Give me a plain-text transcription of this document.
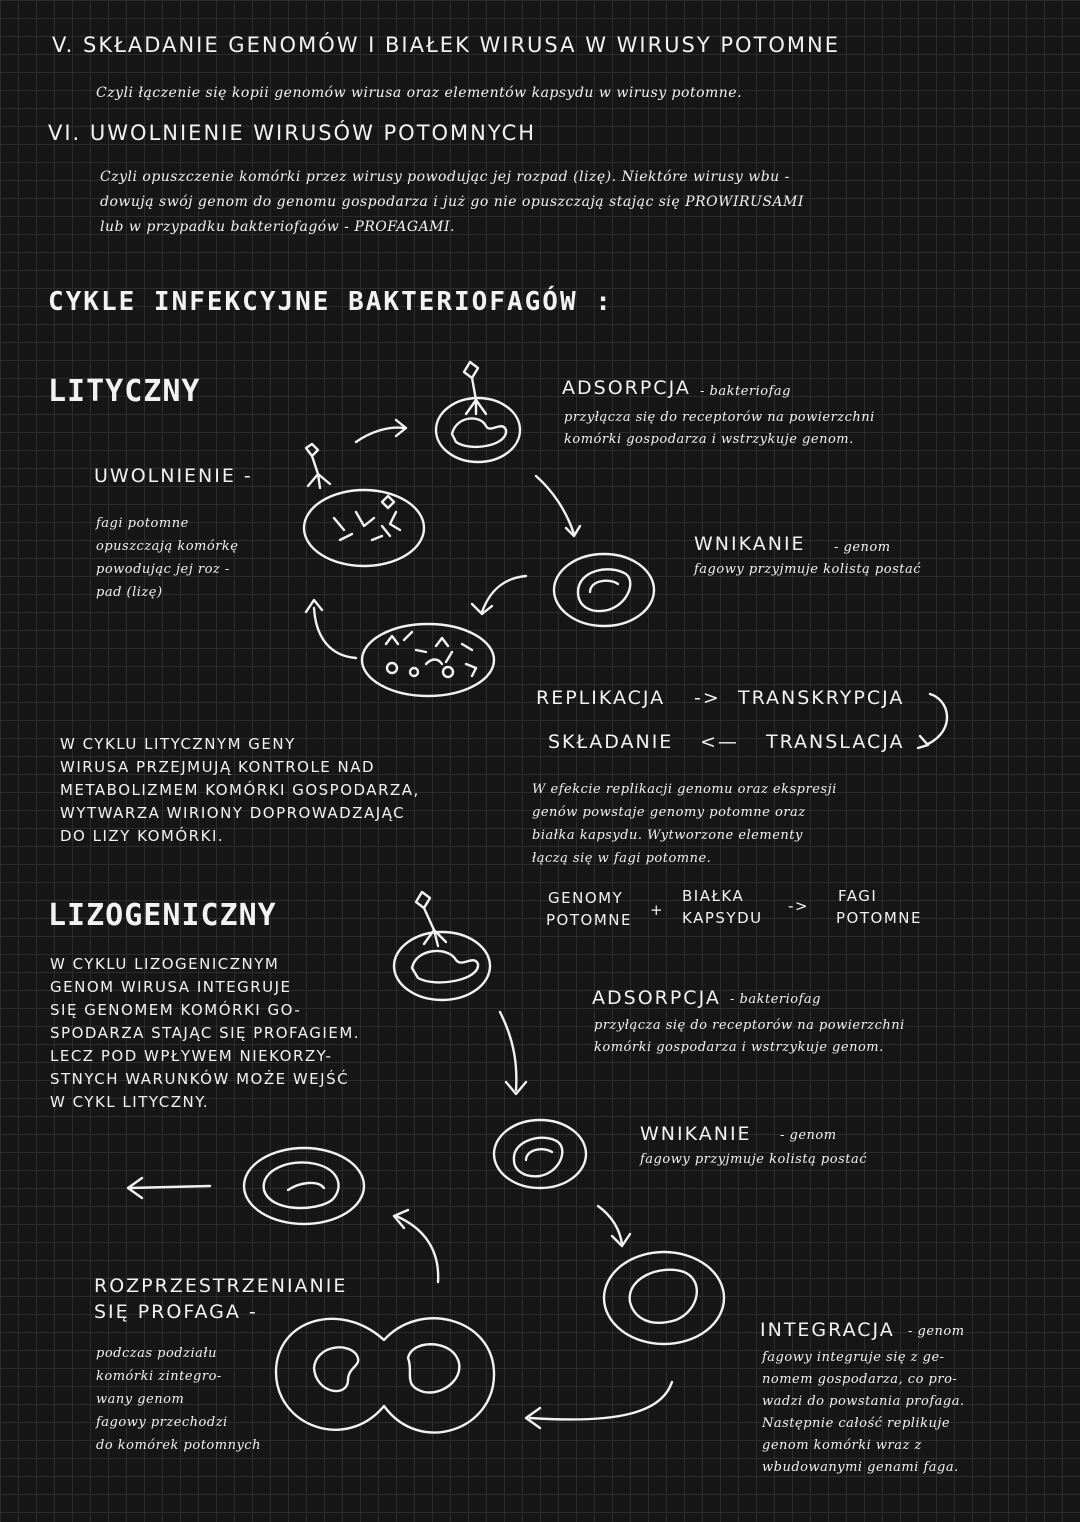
V. SKŁADANIE GENOMÓW I BIAŁEK WIRUSA W WIRUSY POTOMNE
Czyli łączenie się kopii genomów wirusa oraz elementów kapsydu w wirusy potomne.
VI. UWOLNIENIE WIRUSÓW POTOMNYCH
Czyli opuszczenie komórki przez wirusy powodując jej rozpad (lizę). Niektóre wirusy wbu -
dowują swój genom do genomu gospodarza i już go nie opuszczają stając się PROWIRUSAMI
lub w przypadku bakteriofagów - PROFAGAMI.
CYKLE INFEKCYJNE BAKTERIOFAGÓW :
LITYCZNY	ADSORPCJA - bakteriofag
przyłącza się do receptorów na powierzchni
komórki gospodarza i wstrzykuje genom.
UWOLNIENIE -
fagi potomne
opuszczają komórkę
powodując jej roz -
pad (lizę)
WNIKANIE - genom
fagowy przyjmuje kolistą postać
REPLIKACJA -> TRANSKRYPCJA
SKŁADANIE <— TRANSLACJA
W CYKLU LITYCZNYM GENY
WIRUSA PRZEJMUJĄ KONTROLE NAD
METABOLIZMEM KOMÓRKI GOSPODARZA,
WYTWARZA WIRIONY DOPROWADZAJĄC
DO LIZY KOMÓRKI.
W efekcie replikacji genomu oraz ekspresji
genów powstaje genomy potomne oraz
białka kapsydu. Wytworzone elementy
łączą się w fagi potomne.
GENOMY
POTOMNE
+
BIAŁKA
KAPSYDU
->
FAGI
POTOMNE
LIZOGENICZNY
W CYKLU LIZOGENICZNYM
GENOM WIRUSA INTEGRUJE
SIĘ GENOMEM KOMÓRKI GO-
SPODARZA STAJĄC SIĘ PROFAGIEM.
LECZ POD WPŁYWEM NIEKORZY-
STNYCH WARUNKÓW MOŻE WEJŚĆ
W CYKL LITYCZNY.
ADSORPCJA - bakteriofag
przyłącza się do receptorów na powierzchni
komórki gospodarza i wstrzykuje genom.
WNIKANIE - genom
fagowy przyjmuje kolistą postać
INTEGRACJA - genom
fagowy integruje się z ge-
nomem gospodarza, co pro-
wadzi do powstania profaga.
Następnie całość replikuje
genom komórki wraz z
wbudowanymi genami faga.
ROZPRZESTRZENIANIE
SIĘ PROFAGA -
podczas podziału
komórki zintegro-
wany genom
fagowy przechodzi
do komórek potomnych
